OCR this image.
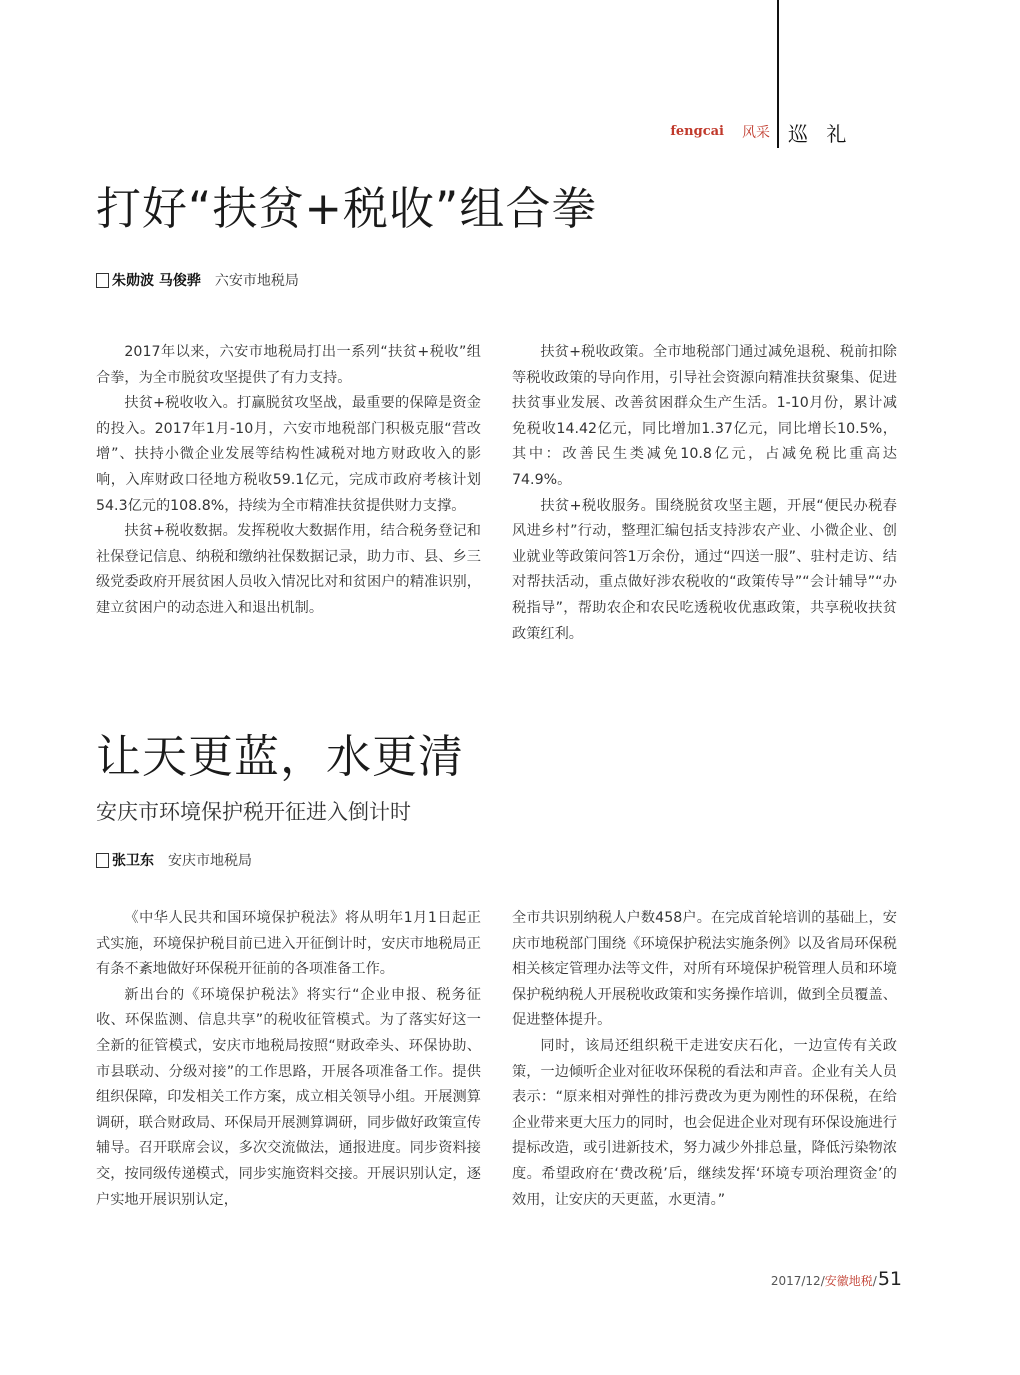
fengcai 风采 巡 礼
打好“扶贫+税收”组合拳
朱勋波 马俊骅 六安市地税局

2017年以来，六安市地税局打出一系列“扶贫+税收”组合拳，为全市脱贫攻坚提供了有力支持。

扶贫+税收收入。打赢脱贫攻坚战，最重要的保障是资金的投入。2017年1月-10月，六安市地税部门积极克服“营改增”、扶持小微企业发展等结构性减税对地方财政收入的影响，入库财政口径地方税收59.1亿元，完成市政府考核计划54.3亿元的108.8%，持续为全市精准扶贫提供财力支撑。

扶贫+税收数据。发挥税收大数据作用，结合税务登记和社保登记信息、纳税和缴纳社保数据记录，助力市、县、乡三级党委政府开展贫困人员收入情况比对和贫困户的精准识别，建立贫困户的动态进入和退出机制。

扶贫+税收政策。全市地税部门通过减免退税、税前扣除等税收政策的导向作用，引导社会资源向精准扶贫聚集、促进扶贫事业发展、改善贫困群众生产生活。1-10月份，累计减免税收14.42亿元，同比增加1.37亿元，同比增长10.5%，其中：改善民生类减免10.8亿元，占减免税比重高达74.9%。

扶贫+税收服务。围绕脱贫攻坚主题，开展“便民办税春风进乡村”行动，整理汇编包括支持涉农产业、小微企业、创业就业等政策问答1万余份，通过“四送一服”、驻村走访、结对帮扶活动，重点做好涉农税收的“政策传导”“会计辅导”“办税指导”，帮助农企和农民吃透税收优惠政策，共享税收扶贫政策红利。

让天更蓝，水更清
安庆市环境保护税开征进入倒计时
张卫东 安庆市地税局

《中华人民共和国环境保护税法》将从明年1月1日起正式实施，环境保护税目前已进入开征倒计时，安庆市地税局正有条不紊地做好环保税开征前的各项准备工作。

新出台的《环境保护税法》将实行“企业申报、税务征收、环保监测、信息共享”的税收征管模式。为了落实好这一全新的征管模式，安庆市地税局按照“财政牵头、环保协助、市县联动、分级对接”的工作思路，开展各项准备工作。提供组织保障，印发相关工作方案，成立相关领导小组。开展测算调研，联合财政局、环保局开展测算调研，同步做好政策宣传辅导。召开联席会议，多次交流做法，通报进度。同步资料接交，按同级传递模式，同步实施资料交接。开展识别认定，逐户实地开展识别认定，

全市共识别纳税人户数458户。在完成首轮培训的基础上，安庆市地税部门围绕《环境保护税法实施条例》以及省局环保税相关核定管理办法等文件，对所有环境保护税管理人员和环境保护税纳税人开展税收政策和实务操作培训，做到全员覆盖、促进整体提升。

同时，该局还组织税干走进安庆石化，一边宣传有关政策，一边倾听企业对征收环保税的看法和声音。企业有关人员表示：“原来相对弹性的排污费改为更为刚性的环保税，在给企业带来更大压力的同时，也会促进企业对现有环保设施进行提标改造，或引进新技术，努力减少外排总量，降低污染物浓度。希望政府在‘费改税’后，继续发挥‘环境专项治理资金’的效用，让安庆的天更蓝，水更清。”

2017/12/ 安徽地税 / 51
